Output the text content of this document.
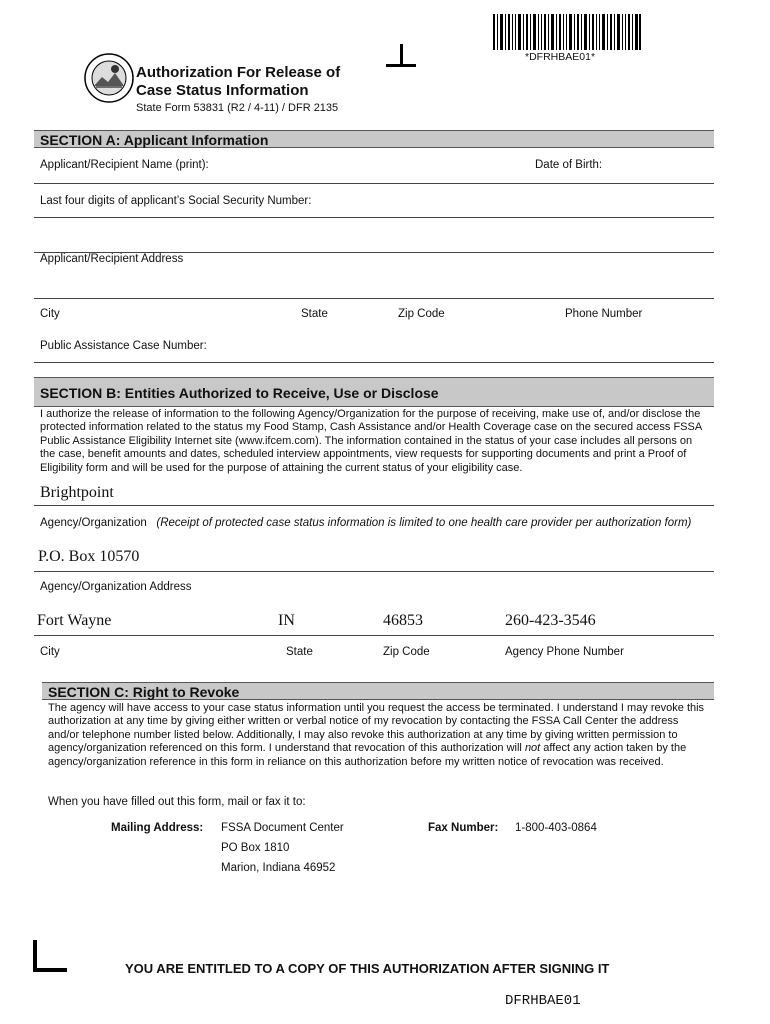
*DFRHBAE01*
Authorization For Release of
Case Status Information
State Form 53831 (R2 / 4-11) / DFR 2135
SECTION A: Applicant Information
Applicant/Recipient Name (print):	Date of Birth:
Last four digits of applicant’s Social Security Number:
Applicant/Recipient Address
City	State	Zip Code	Phone Number
Public Assistance Case Number:
SECTION B: Entities Authorized to Receive, Use or Disclose
I authorize the release of information to the following Agency/Organization for the purpose of receiving, make use of, and/or disclose the protected information related to the status my Food Stamp, Cash Assistance and/or Health Coverage case on the secured access FSSA Public Assistance Eligibility Internet site (www.ifcem.com). The information contained in the status of your case includes all persons on the case, benefit amounts and dates, scheduled interview appointments, view requests for supporting documents and print a Proof of Eligibility form and will be used for the purpose of attaining the current status of your eligibility case.
Brightpoint
Agency/Organization (Receipt of protected case status information is limited to one health care provider per authorization form)
P.O. Box 10570
Agency/Organization Address
Fort Wayne	IN	46853	260-423-3546
City	State	Zip Code	Agency Phone Number
SECTION C: Right to Revoke
The agency will have access to your case status information until you request the access be terminated. I understand I may revoke this authorization at any time by giving either written or verbal notice of my revocation by contacting the FSSA Call Center the address and/or telephone number listed below. Additionally, I may also revoke this authorization at any time by giving written permission to agency/organization referenced on this form. I understand that revocation of this authorization will not affect any action taken by the agency/organization reference in this form in reliance on this authorization before my written notice of revocation was received.
When you have filled out this form, mail or fax it to:
Mailing Address: FSSA Document Center
PO Box 1810
Marion, Indiana 46952
Fax Number: 1-800-403-0864
YOU ARE ENTITLED TO A COPY OF THIS AUTHORIZATION AFTER SIGNING IT
DFRHBAE01
